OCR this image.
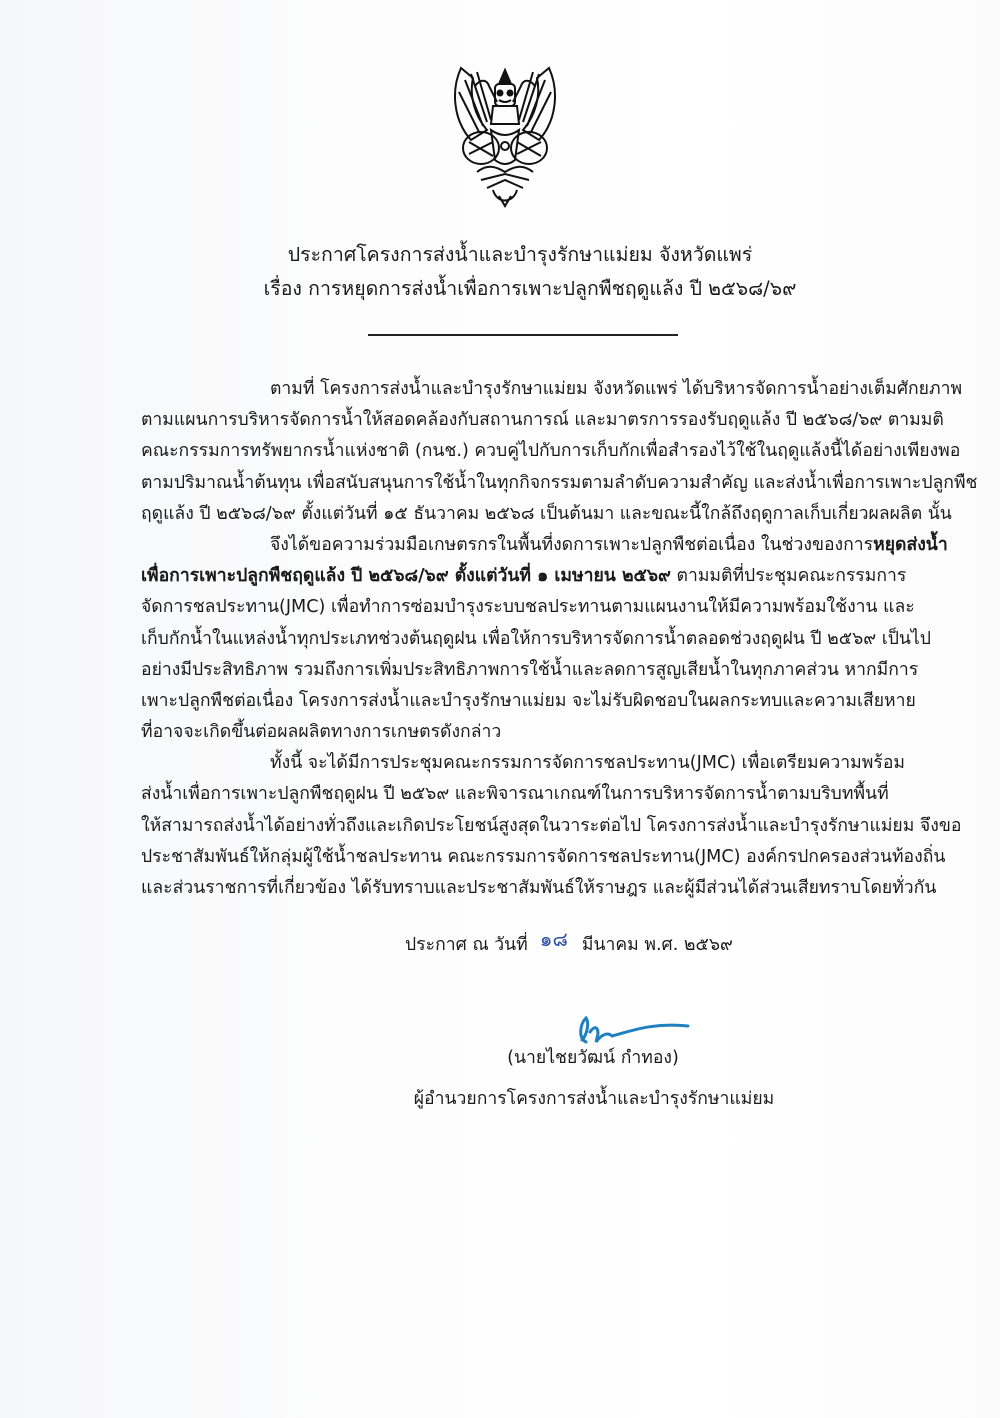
ประกาศโครงการส่งน้ำและบำรุงรักษาแม่ยม จังหวัดแพร่
เรื่อง การหยุดการส่งน้ำเพื่อการเพาะปลูกพืชฤดูแล้ง ปี ๒๕๖๘/๖๙
ตามที่ โครงการส่งน้ำและบำรุงรักษาแม่ยม จังหวัดแพร่ ได้บริหารจัดการน้ำอย่างเต็มศักยภาพ
ตามแผนการบริหารจัดการน้ำให้สอดคล้องกับสถานการณ์ และมาตรการรองรับฤดูแล้ง ปี ๒๕๖๘/๖๙ ตามมติ
คณะกรรมการทรัพยากรน้ำแห่งชาติ (กนช.) ควบคู่ไปกับการเก็บกักเพื่อสำรองไว้ใช้ในฤดูแล้งนี้ได้อย่างเพียงพอ
ตามปริมาณน้ำต้นทุน เพื่อสนับสนุนการใช้น้ำในทุกกิจกรรมตามลำดับความสำคัญ และส่งน้ำเพื่อการเพาะปลูกพืช
ฤดูแล้ง ปี ๒๕๖๘/๖๙ ตั้งแต่วันที่ ๑๕ ธันวาคม ๒๕๖๘ เป็นต้นมา และขณะนี้ใกล้ถึงฤดูกาลเก็บเกี่ยวผลผลิต นั้น
จึงได้ขอความร่วมมือเกษตรกรในพื้นที่งดการเพาะปลูกพืชต่อเนื่อง ในช่วงของการหยุดส่งน้ำ
เพื่อการเพาะปลูกพืชฤดูแล้ง ปี ๒๕๖๘/๖๙ ตั้งแต่วันที่ ๑ เมษายน ๒๕๖๙ ตามมติที่ประชุมคณะกรรมการ
จัดการชลประทาน(JMC) เพื่อทำการซ่อมบำรุงระบบชลประทานตามแผนงานให้มีความพร้อมใช้งาน และ
เก็บกักน้ำในแหล่งน้ำทุกประเภทช่วงต้นฤดูฝน เพื่อให้การบริหารจัดการน้ำตลอดช่วงฤดูฝน ปี ๒๕๖๙ เป็นไป
อย่างมีประสิทธิภาพ รวมถึงการเพิ่มประสิทธิภาพการใช้น้ำและลดการสูญเสียน้ำในทุกภาคส่วน หากมีการ
เพาะปลูกพืชต่อเนื่อง โครงการส่งน้ำและบำรุงรักษาแม่ยม จะไม่รับผิดชอบในผลกระทบและความเสียหาย
ที่อาจจะเกิดขึ้นต่อผลผลิตทางการเกษตรดังกล่าว
ทั้งนี้ จะได้มีการประชุมคณะกรรมการจัดการชลประทาน(JMC) เพื่อเตรียมความพร้อม
ส่งน้ำเพื่อการเพาะปลูกพืชฤดูฝน ปี ๒๕๖๙ และพิจารณาเกณฑ์ในการบริหารจัดการน้ำตามบริบทพื้นที่
ให้สามารถส่งน้ำได้อย่างทั่วถึงและเกิดประโยชน์สูงสุดในวาระต่อไป โครงการส่งน้ำและบำรุงรักษาแม่ยม จึงขอ
ประชาสัมพันธ์ให้กลุ่มผู้ใช้น้ำชลประทาน คณะกรรมการจัดการชลประทาน(JMC) องค์กรปกครองส่วนท้องถิ่น
และส่วนราชการที่เกี่ยวข้อง ได้รับทราบและประชาสัมพันธ์ให้ราษฎร และผู้มีส่วนได้ส่วนเสียทราบโดยทั่วกัน
ประกาศ ณ วันที่ ๑๘ มีนาคม พ.ศ. ๒๕๖๙
(นายไชยวัฒน์ กำทอง)
ผู้อำนวยการโครงการส่งน้ำและบำรุงรักษาแม่ยม
